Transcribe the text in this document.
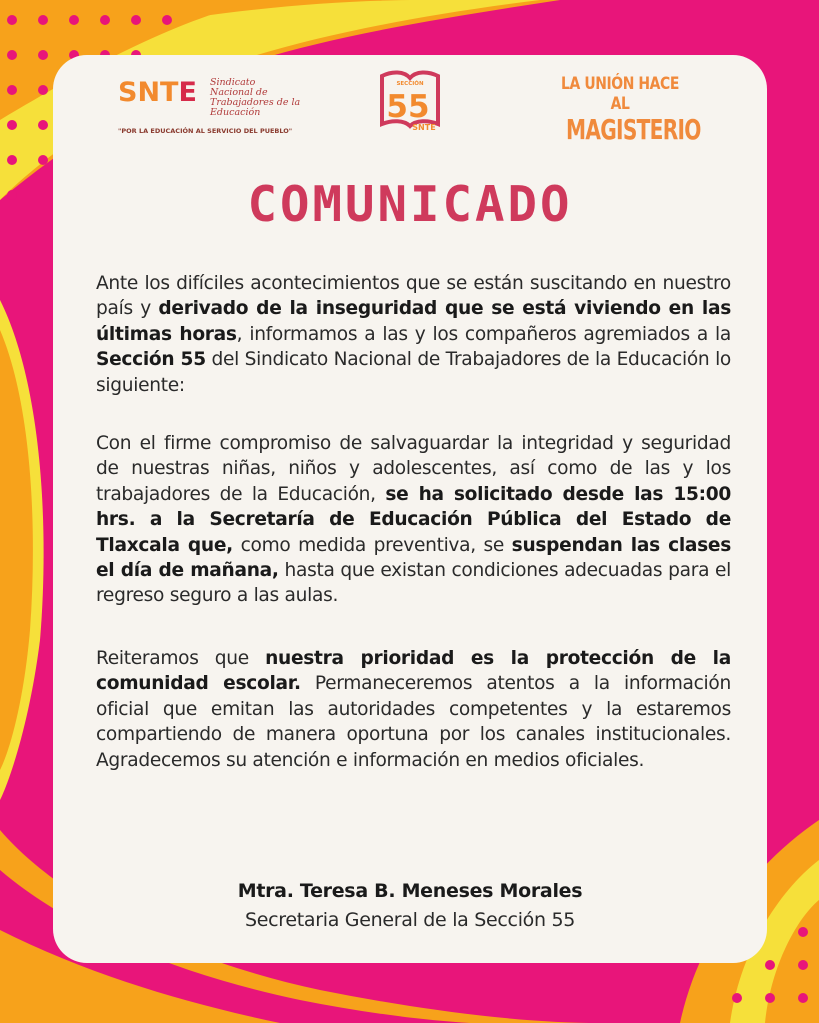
SNTE Sindicato
Nacional de
Trabajadores de la
Educación
"POR LA EDUCACIÓN AL SERVICIO DEL PUEBLO"
SECCIÓN
55
SNTE
LA UNIÓN HACE AL
MAGISTERIO
COMUNICADO
Ante los difíciles acontecimientos que se están suscitando en nuestro país y derivado de la inseguridad que se está viviendo en las últimas horas, informamos a las y los compañeros agremiados a la Sección 55 del Sindicato Nacional de Trabajadores de la Educación lo siguiente:
Con el firme compromiso de salvaguardar la integridad y seguridad de nuestras niñas, niños y adolescentes, así como de las y los trabajadores de la Educación, se ha solicitado desde las 15:00 hrs. a la Secretaría de Educación Pública del Estado de Tlaxcala que, como medida preventiva, se suspendan las clases el día de mañana, hasta que existan condiciones adecuadas para el regreso seguro a las aulas.
Reiteramos que nuestra prioridad es la protección de la comunidad escolar. Permaneceremos atentos a la información oficial que emitan las autoridades competentes y la estaremos compartiendo de manera oportuna por los canales institucionales. Agradecemos su atención e información en medios oficiales.
Mtra. Teresa B. Meneses Morales
Secretaria General de la Sección 55
